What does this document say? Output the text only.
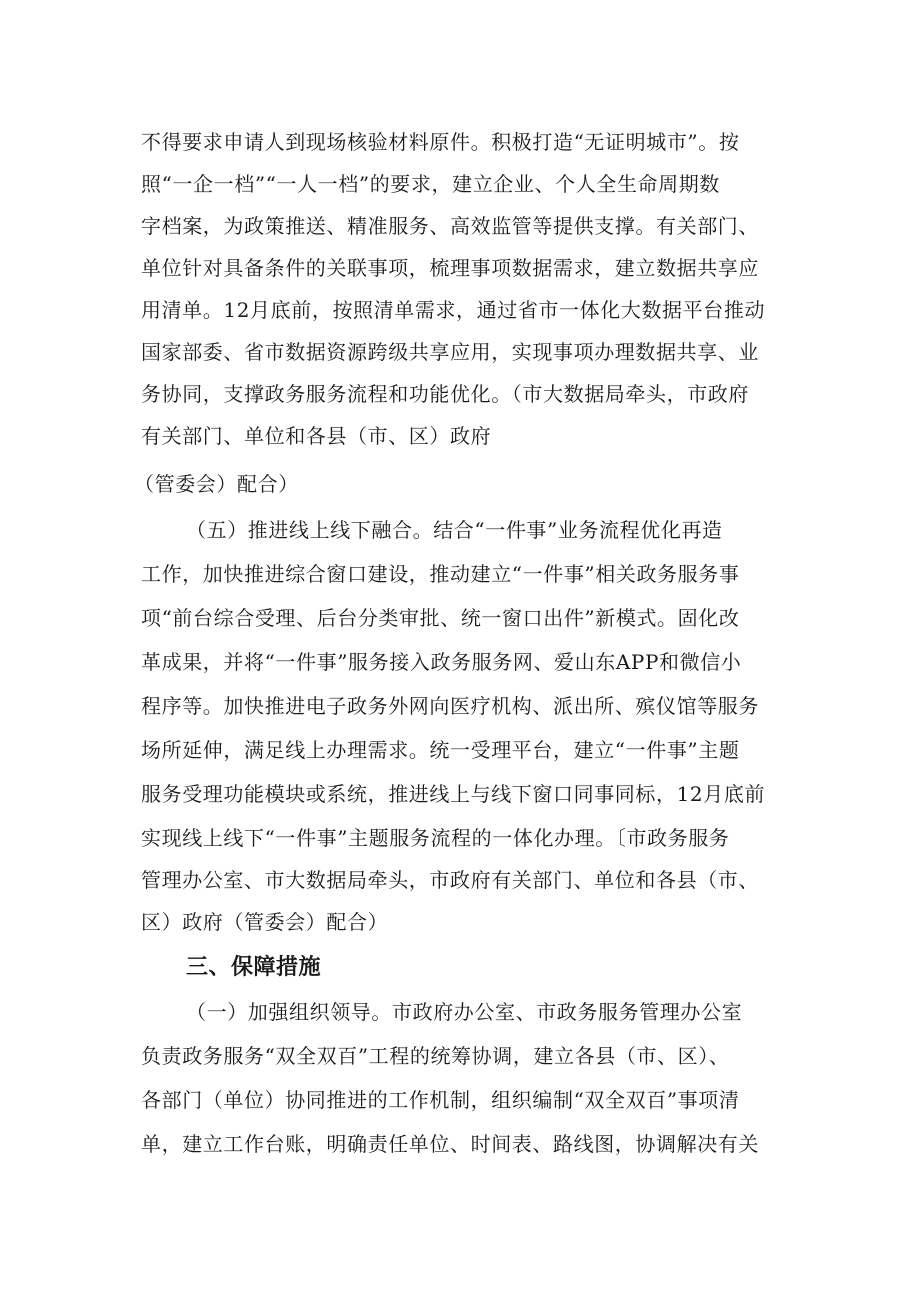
不得要求申请人到现场核验材料原件。积极打造“无证明城市”。按
照“一企一档”“一人一档”的要求，建立企业、个人全生命周期数
字档案，为政策推送、精准服务、高效监管等提供支撑。有关部门、
单位针对具备条件的关联事项，梳理事项数据需求，建立数据共享应
用清单。12月底前，按照清单需求，通过省市一体化大数据平台推动
国家部委、省市数据资源跨级共享应用，实现事项办理数据共享、业
务协同，支撑政务服务流程和功能优化。（市大数据局牵头，市政府
有关部门、单位和各县（市、区）政府
（管委会）配合）
（五）推进线上线下融合。结合“一件事”业务流程优化再造
工作，加快推进综合窗口建设，推动建立“一件事”相关政务服务事
项“前台综合受理、后台分类审批、统一窗口出件”新模式。固化改
革成果，并将“一件事”服务接入政务服务网、爱山东APP和微信小
程序等。加快推进电子政务外网向医疗机构、派出所、殡仪馆等服务
场所延伸，满足线上办理需求。统一受理平台，建立“一件事”主题
服务受理功能模块或系统，推进线上与线下窗口同事同标，12月底前
实现线上线下“一件事”主题服务流程的一体化办理。〔市政务服务
管理办公室、市大数据局牵头，市政府有关部门、单位和各县（市、
区）政府（管委会）配合）
三、保障措施
（一）加强组织领导。市政府办公室、市政务服务管理办公室
负责政务服务“双全双百”工程的统筹协调，建立各县（市、区）、
各部门（单位）协同推进的工作机制，组织编制“双全双百”事项清
单，建立工作台账，明确责任单位、时间表、路线图，协调解决有关
